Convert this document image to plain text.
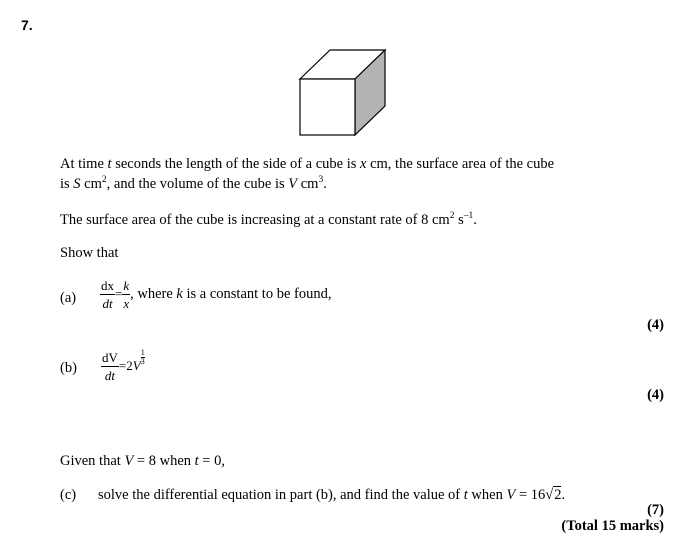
7.
At time t seconds the length of the side of a cube is x cm, the surface area of the cube
is S $cm^2$, and the volume of the cube is V $cm^3$.
The surface area of the cube is increasing at a constant rate of 8 $cm^2$ $s^{-1}$.
Show that
$(a) \frac{dx}{dt} = \frac{k}{x}$ , where k is a constant to be found,
(4)
$(b) \frac{dV}{dt} =2V \frac{1}{3}$
(4)
Given that V = 8 when t = 0,
(c) solve the differential equation in part (b), and find the value of t when V = 16√2.
(7)
(Total 15 marks)
